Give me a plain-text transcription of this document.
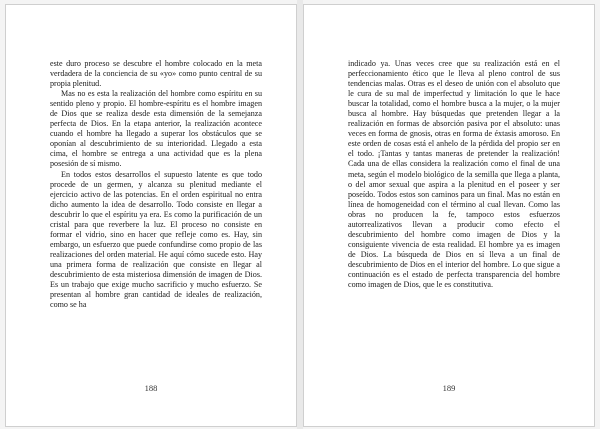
este duro proceso se descubre el hombre colocado en la meta verdadera de la conciencia de su «yo» como punto central de su propia plenitud.

Mas no es esta la realización del hombre como espíritu en su sentido pleno y propio. El hombre-espíritu es el hombre imagen de Dios que se realiza desde esta dimensión de la semejanza perfecta de Dios. En la etapa anterior, la realización acontece cuando el hombre ha llegado a superar los obstáculos que se oponían al descubrimiento de su interioridad. Llegado a esta cima, el hombre se entrega a una actividad que es la plena posesión de sí mismo.

En todos estos desarrollos el supuesto latente es que todo procede de un germen, y alcanza su plenitud mediante el ejercicio activo de las potencias. En el orden espiritual no entra dicho aumento la idea de desarrollo. Todo consiste en llegar a descubrir lo que el espíritu ya era. Es como la purificación de un cristal para que reverbere la luz. El proceso no consiste en formar el vidrio, sino en hacer que refleje como es. Hay, sin embargo, un esfuerzo que puede confundirse como propio de las realizaciones del orden material. He aquí cómo sucede esto. Hay una primera forma de realización que consiste en llegar al descubrimiento de esta misteriosa dimensión de imagen de Dios. Es un trabajo que exige mucho sacrificio y mucho esfuerzo. Se presentan al hombre gran cantidad de ideales de realización, como se ha

188

indicado ya. Unas veces cree que su realización está en el perfeccionamiento ético que le lleva al pleno control de sus tendencias malas. Otras es el deseo de unión con el absoluto que le cura de su mal de imperfectud y limitación lo que le hace buscar la totalidad, como el hombre busca a la mujer, o la mujer busca al hombre. Hay búsquedas que pretenden llegar a la realización en formas de absorción pasiva por el absoluto: unas veces en forma de gnosis, otras en forma de éxtasis amoroso. En este orden de cosas está el anhelo de la pérdida del propio ser en el todo. ¡Tantas y tantas maneras de pretender la realización! Cada una de ellas considera la realización como el final de una meta, según el modelo biológico de la semilla que llega a planta, o del amor sexual que aspira a la plenitud en el poseer y ser poseído. Todos estos son caminos para un final. Mas no están en línea de homogeneidad con el término al cual llevan. Como las obras no producen la fe, tampoco estos esfuerzos autorrealizativos llevan a producir como efecto el descubrimiento del hombre como imagen de Dios y la consiguiente vivencia de esta realidad. El hombre ya es imagen de Dios. La búsqueda de Dios en sí lleva a un final de descubrimiento de Dios en el interior del hombre. Lo que sigue a continuación es el estado de perfecta transparencia del hombre como imagen de Dios, que le es constitutiva.

189
